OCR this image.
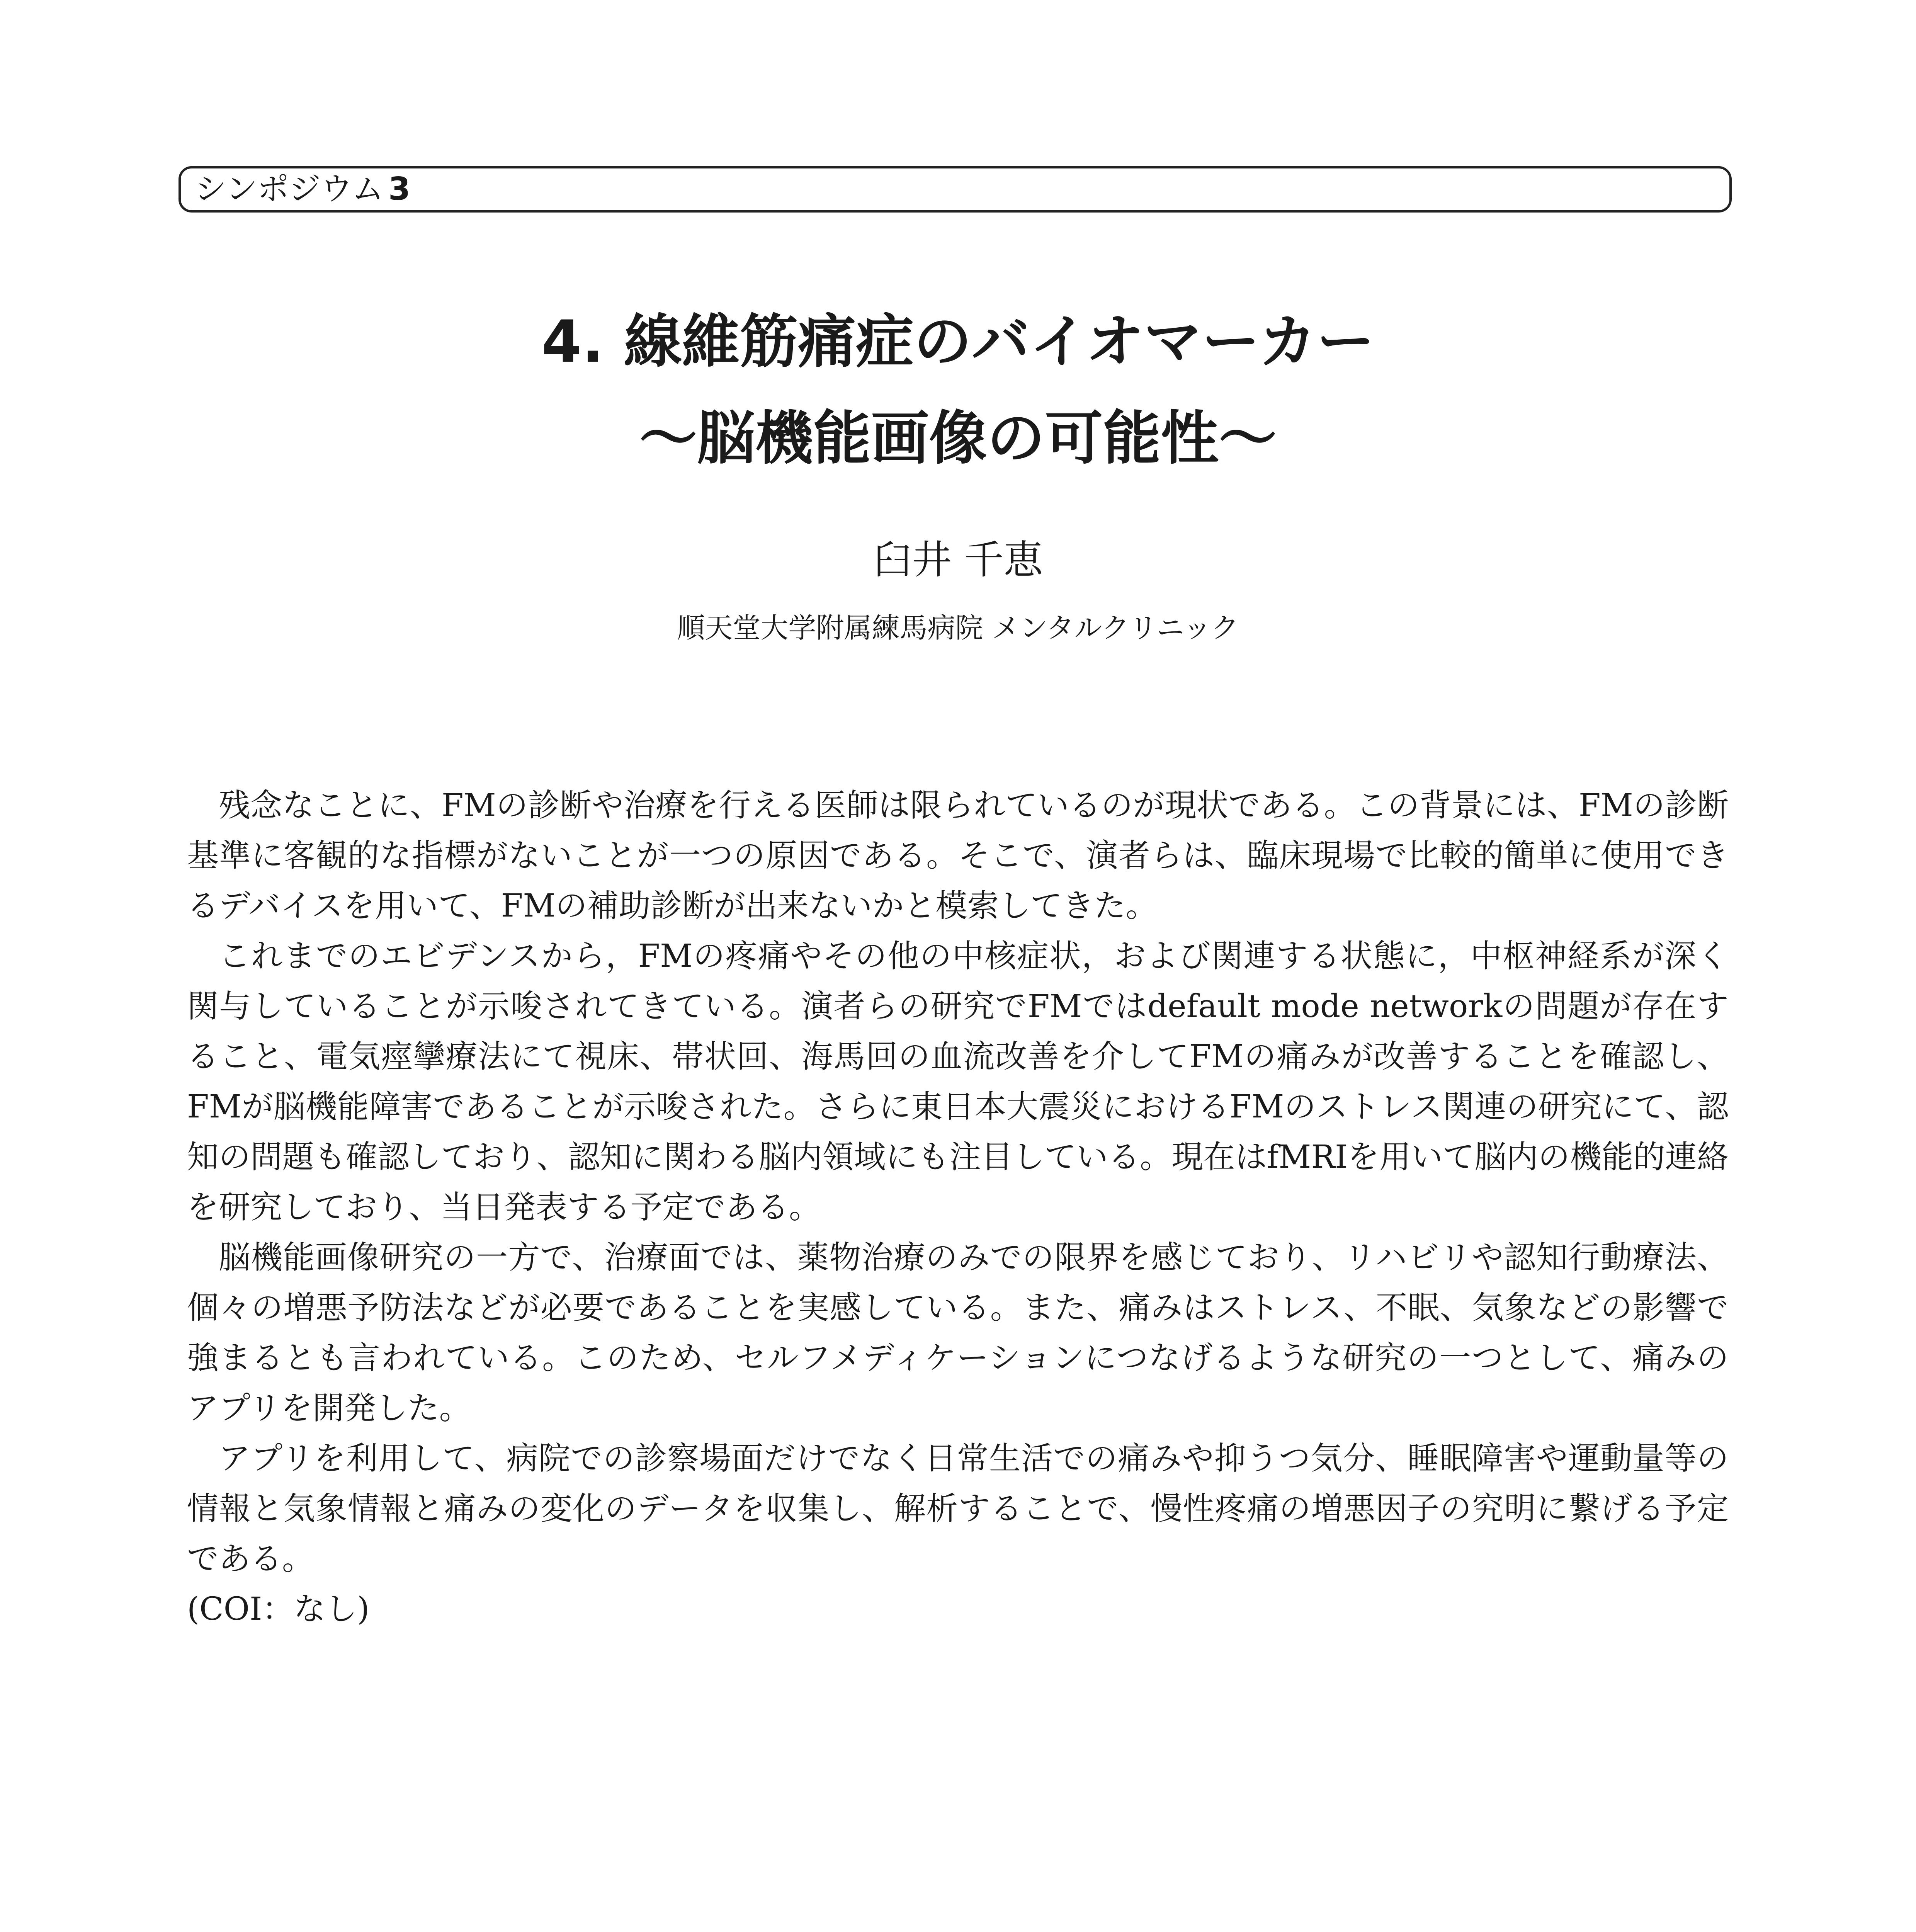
シンポジウム 3
4. 線維筋痛症のバイオマーカー
～脳機能画像の可能性～
臼井 千恵
順天堂大学附属練馬病院 メンタルクリニック

残念なことに、FMの診断や治療を行える医師は限られているのが現状である。この背景には、FMの診断基準に客観的な指標がないことが一つの原因である。そこで、演者らは、臨床現場で比較的簡単に使用できるデバイスを用いて、FMの補助診断が出来ないかと模索してきた。

これまでのエビデンスから，FMの疼痛やその他の中核症状，および関連する状態に，中枢神経系が深く関与していることが示唆されてきている。演者らの研究でFMではdefault mode networkの問題が存在すること、電気痙攣療法にて視床、帯状回、海馬回の血流改善を介してFMの痛みが改善することを確認し、FMが脳機能障害であることが示唆された。さらに東日本大震災におけるFMのストレス関連の研究にて、認知の問題も確認しており、認知に関わる脳内領域にも注目している。現在はfMRIを用いて脳内の機能的連絡を研究しており、当日発表する予定である。

脳機能画像研究の一方で、治療面では、薬物治療のみでの限界を感じており、リハビリや認知行動療法、個々の増悪予防法などが必要であることを実感している。また、痛みはストレス、不眠、気象などの影響で強まるとも言われている。このため、セルフメディケーションにつなげるような研究の一つとして、痛みのアプリを開発した。

アプリを利用して、病院での診察場面だけでなく日常生活での痛みや抑うつ気分、睡眠障害や運動量等の情報と気象情報と痛みの変化のデータを収集し、解析することで、慢性疼痛の増悪因子の究明に繋げる予定である。

(COI：なし)
